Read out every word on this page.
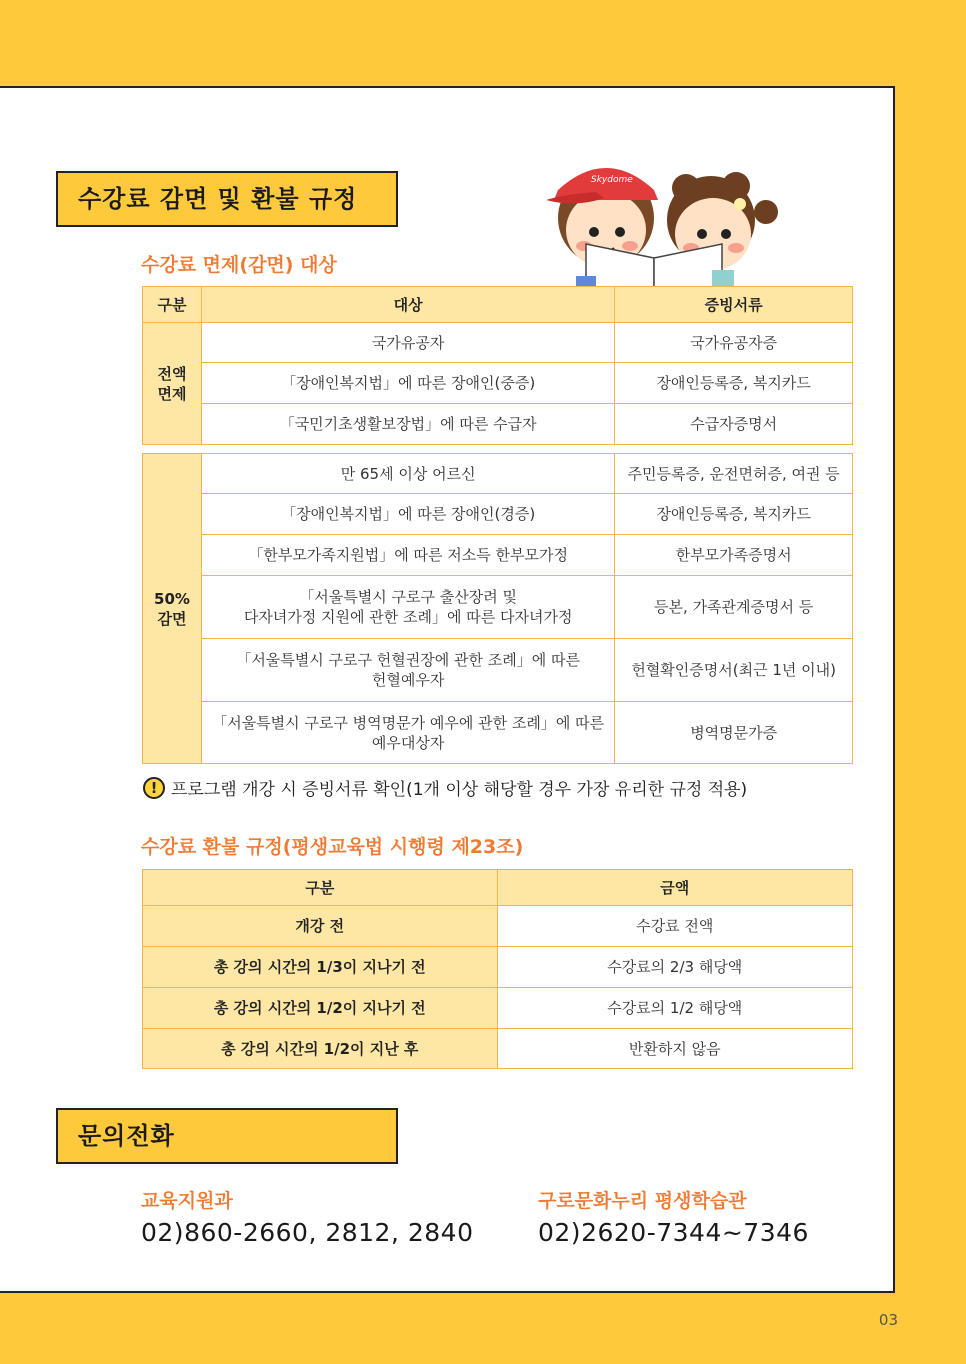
수강료 감면 및 환불 규정
Skydome
수강료 면제(감면) 대상
구분	대상	증빙서류

전액
면제	국가유공자	국가유공자증
	「장애인복지법」에 따른 장애인(중증)	장애인등록증, 복지카드
	「국민기초생활보장법」에 따른 수급자	수급자증명서
50%
감면	만 65세 이상 어르신	주민등록증, 운전면허증, 여권 등
	「장애인복지법」에 따른 장애인(경증)	장애인등록증, 복지카드
	「한부모가족지원법」에 따른 저소득 한부모가정	한부모가족증명서

	「서울특별시 구로구 출산장려 및
다자녀가정 지원에 관한 조례」에 따른 다자녀가정	등본, 가족관계증명서 등

	「서울특별시 구로구 헌혈권장에 관한 조례」에 따른
헌혈예우자	헌혈확인증명서(최근 1년 이내)

	「서울특별시 구로구 병역명문가 예우에 관한 조례」에 따른
예우대상자	병역명문가증
! 프로그램 개강 시 증빙서류 확인(1개 이상 해당할 경우 가장 유리한 규정 적용)
수강료 환불 규정(평생교육법 시행령 제23조)
구분	금액
개강 전	수강료 전액
총 강의 시간의 1/3이 지나기 전	수강료의 2/3 해당액
총 강의 시간의 1/2이 지나기 전	수강료의 1/2 해당액
총 강의 시간의 1/2이 지난 후	반환하지 않음
문의전화
교육지원과
02)860-2660, 2812, 2840
구로문화누리 평생학습관
02)2620-7344~7346
03
